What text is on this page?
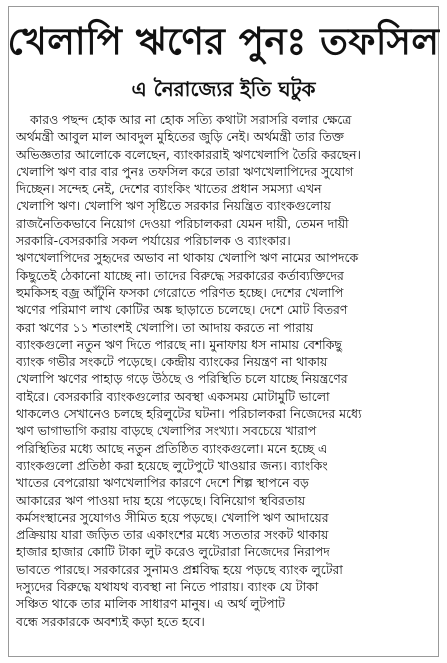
খেলাপি ঋণের পুনঃ তফসিল
এ নৈরাজ্যের ইতি ঘটুক
কারও পছন্দ হোক আর না হোক সত্যি কথাটা সরাসরি বলার ক্ষেত্রে
অর্থমন্ত্রী আবুল মাল আবদুল মুহিতের জুড়ি নেই। অর্থমন্ত্রী তার তিক্ত
অভিজ্ঞতার আলোকে বলেছেন, ব্যাংকাররাই ঋণখেলাপি তৈরি করছেন।
খেলাপি ঋণ বার বার পুনঃ তফসিল করে তারা ঋণখেলাপিদের সুযোগ
দিচ্ছেন। সন্দেহ নেই, দেশের ব্যাংকিং খাতের প্রধান সমস্যা এখন
খেলাপি ঋণ। খেলাপি ঋণ সৃষ্টিতে সরকার নিয়ন্ত্রিত ব্যাংকগুলোয়
রাজনৈতিকভাবে নিয়োগ দেওয়া পরিচালকরা যেমন দায়ী, তেমন দায়ী
সরকারি-বেসরকারি সকল পর্যায়ের পরিচালক ও ব্যাংকার।
ঋণখেলাপিদের সুহৃদের অভাব না থাকায় খেলাপি ঋণ নামের আপদকে
কিছুতেই ঠেকানো যাচ্ছে না। তাদের বিরুদ্ধে সরকারের কর্তাব্যক্তিদের
হুমকিসহ বজ্র আঁটুনি ফসকা গেরোতে পরিণত হচ্ছে। দেশের খেলাপি
ঋণের পরিমাণ লাখ কোটির অঙ্ক ছাড়াতে চলেছে। দেশে মোট বিতরণ
করা ঋণের ১১ শতাংশই খেলাপি। তা আদায় করতে না পারায়
ব্যাংকগুলো নতুন ঋণ দিতে পারছে না। মুনাফায় ধস নামায় বেশকিছু
ব্যাংক গভীর সংকটে পড়েছে। কেন্দ্রীয় ব্যাংকের নিয়ন্ত্রণ না থাকায়
খেলাপি ঋণের পাহাড় গড়ে উঠছে ও পরিস্থিতি চলে যাচ্ছে নিয়ন্ত্রণের
বাইরে। বেসরকারি ব্যাংকগুলোর অবস্থা একসময় মোটামুটি ভালো
থাকলেও সেখানেও চলছে হরিলুটের ঘটনা। পরিচালকরা নিজেদের মধ্যে
ঋণ ভাগাভাগি করায় বাড়ছে খেলাপির সংখ্যা। সবচেয়ে খারাপ
পরিস্থিতির মধ্যে আছে নতুন প্রতিষ্ঠিত ব্যাংকগুলো। মনে হচ্ছে এ
ব্যাংকগুলো প্রতিষ্ঠা করা হয়েছে লুটেপুটে খাওয়ার জন্য। ব্যাংকিং
খাতের বেপরোয়া ঋণখেলাপির কারণে দেশে শিল্প স্থাপনে বড়
আকারের ঋণ পাওয়া দায় হয়ে পড়েছে। বিনিয়োগ স্থবিরতায়
কর্মসংস্থানের সুযোগও সীমিত হয়ে পড়ছে। খেলাপি ঋণ আদায়ের
প্রক্রিয়ায় যারা জড়িত তার একাংশের মধ্যে সততার সংকট থাকায়
হাজার হাজার কোটি টাকা লুট করেও লুটেরারা নিজেদের নিরাপদ
ভাবতে পারছে। সরকারের সুনামও প্রশ্নবিদ্ধ হয়ে পড়ছে ব্যাংক লুটেরা
দস্যুদের বিরুদ্ধে যথাযথ ব্যবস্থা না নিতে পারায়। ব্যাংক যে টাকা
সঞ্চিত থাকে তার মালিক সাধারণ মানুষ। এ অর্থ লুটপাট
বন্ধে সরকারকে অবশ্যই কড়া হতে হবে।
